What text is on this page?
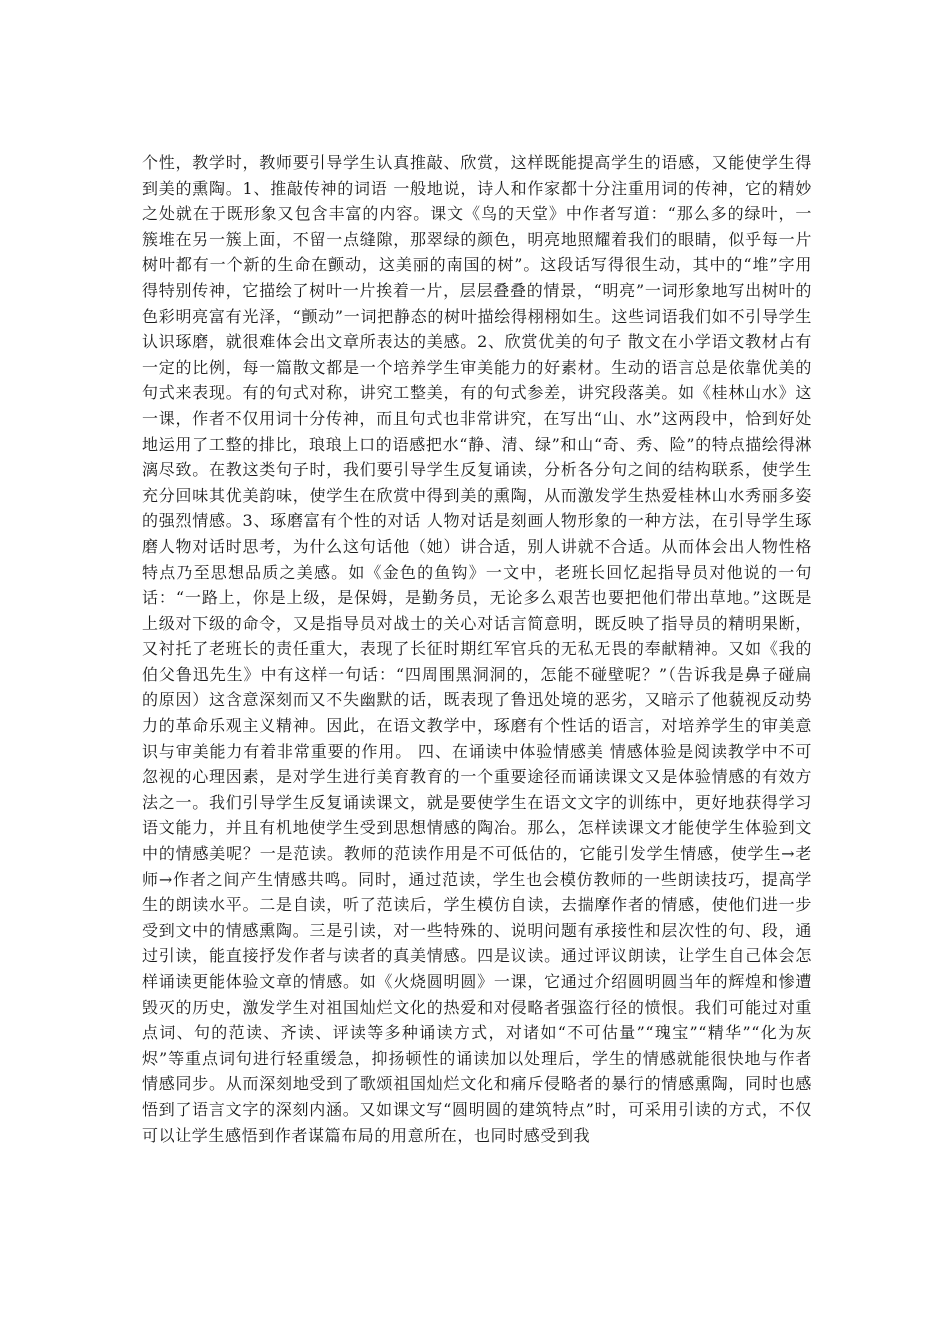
个性，教学时，教师要引导学生认真推敲、欣赏，这样既能提高学生的语感，又能使学生得到美的熏陶。1、推敲传神的词语 一般地说，诗人和作家都十分注重用词的传神，它的精妙之处就在于既形象又包含丰富的内容。课文《鸟的天堂》中作者写道：“那么多的绿叶，一簇堆在另一簇上面，不留一点缝隙，那翠绿的颜色，明亮地照耀着我们的眼睛，似乎每一片树叶都有一个新的生命在颤动，这美丽的南国的树”。这段话写得很生动，其中的“堆”字用得特别传神，它描绘了树叶一片挨着一片，层层叠叠的情景，“明亮”一词形象地写出树叶的色彩明亮富有光泽，“颤动”一词把静态的树叶描绘得栩栩如生。这些词语我们如不引导学生认识琢磨，就很难体会出文章所表达的美感。2、欣赏优美的句子 散文在小学语文教材占有一定的比例，每一篇散文都是一个培养学生审美能力的好素材。生动的语言总是依靠优美的句式来表现。有的句式对称，讲究工整美，有的句式参差，讲究段落美。如《桂林山水》这一课，作者不仅用词十分传神，而且句式也非常讲究，在写出“山、水”这两段中，恰到好处地运用了工整的排比，琅琅上口的语感把水“静、清、绿”和山“奇、秀、险”的特点描绘得淋漓尽致。在教这类句子时，我们要引导学生反复诵读，分析各分句之间的结构联系，使学生充分回味其优美韵味，使学生在欣赏中得到美的熏陶，从而激发学生热爱桂林山水秀丽多姿的强烈情感。3、琢磨富有个性的对话 人物对话是刻画人物形象的一种方法，在引导学生琢磨人物对话时思考，为什么这句话他（她）讲合适，别人讲就不合适。从而体会出人物性格特点乃至思想品质之美感。如《金色的鱼钩》一文中，老班长回忆起指导员对他说的一句话：“一路上，你是上级，是保姆，是勤务员，无论多么艰苦也要把他们带出草地。”这既是上级对下级的命令，又是指导员对战士的关心对话言简意明，既反映了指导员的精明果断，又衬托了老班长的责任重大，表现了长征时期红军官兵的无私无畏的奉献精神。又如《我的伯父鲁迅先生》中有这样一句话：“四周围黑洞洞的，怎能不碰壁呢？”（告诉我是鼻子碰扁的原因）这含意深刻而又不失幽默的话，既表现了鲁迅处境的恶劣，又暗示了他藐视反动势力的革命乐观主义精神。因此，在语文教学中，琢磨有个性话的语言，对培养学生的审美意识与审美能力有着非常重要的作用。 四、在诵读中体验情感美 情感体验是阅读教学中不可忽视的心理因素，是对学生进行美育教育的一个重要途径而诵读课文又是体验情感的有效方法之一。我们引导学生反复诵读课文，就是要使学生在语文文字的训练中，更好地获得学习语文能力，并且有机地使学生受到思想情感的陶冶。那么，怎样读课文才能使学生体验到文中的情感美呢？一是范读。教师的范读作用是不可低估的，它能引发学生情感，使学生→老师→作者之间产生情感共鸣。同时，通过范读，学生也会模仿教师的一些朗读技巧，提高学生的朗读水平。二是自读，听了范读后，学生模仿自读，去揣摩作者的情感，使他们进一步受到文中的情感熏陶。三是引读，对一些特殊的、说明问题有承接性和层次性的句、段，通过引读，能直接抒发作者与读者的真美情感。四是议读。通过评议朗读，让学生自己体会怎样诵读更能体验文章的情感。如《火烧圆明圆》一课，它通过介绍圆明圆当年的辉煌和惨遭毁灭的历史，激发学生对祖国灿烂文化的热爱和对侵略者强盗行径的愤恨。我们可能过对重点词、句的范读、齐读、评读等多种诵读方式，对诸如“不可估量”“瑰宝”“精华”“化为灰烬”等重点词句进行轻重缓急，抑扬顿性的诵读加以处理后，学生的情感就能很快地与作者情感同步。从而深刻地受到了歌颂祖国灿烂文化和痛斥侵略者的暴行的情感熏陶，同时也感悟到了语言文字的深刻内涵。又如课文写“圆明圆的建筑特点”时，可采用引读的方式，不仅可以让学生感悟到作者谋篇布局的用意所在，也同时感受到我
